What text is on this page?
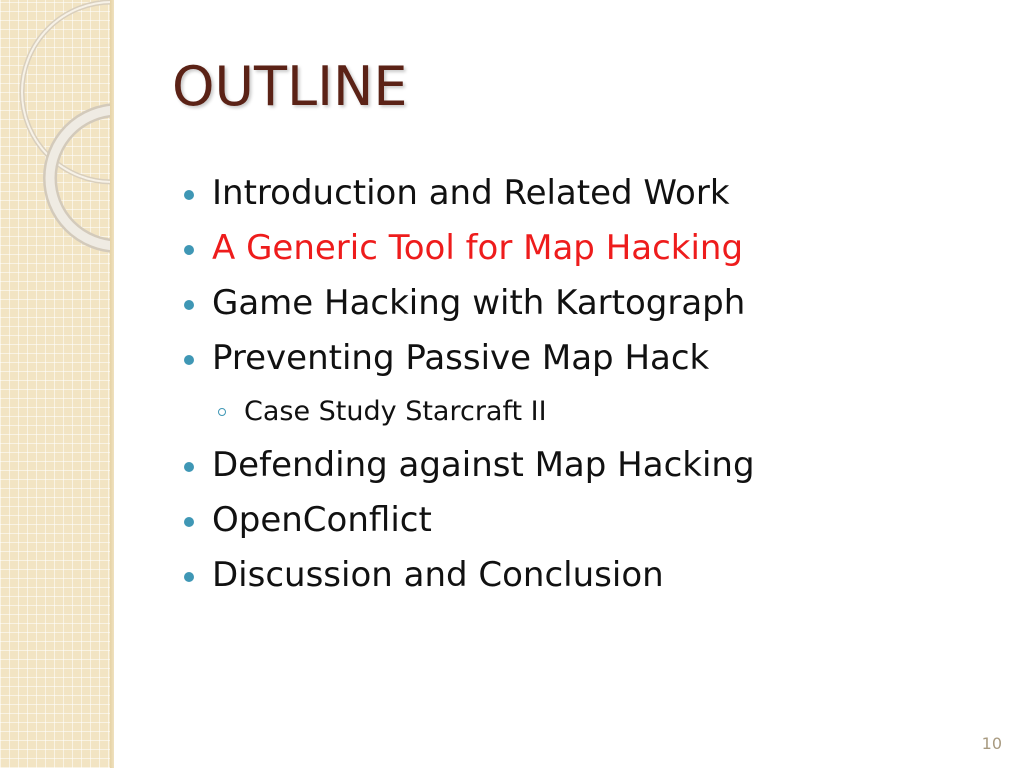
OUTLINE
Introduction and Related Work
A Generic Tool for Map Hacking
Game Hacking with Kartograph
Preventing Passive Map Hack
Case Study Starcraft II
Defending against Map Hacking
OpenConflict
Discussion and Conclusion
10
